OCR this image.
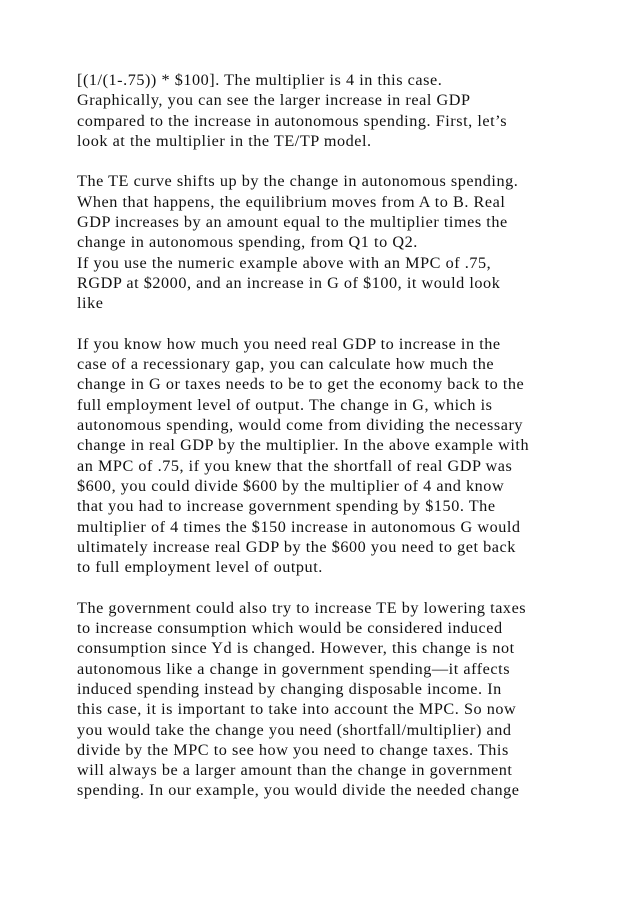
[(1/(1-.75)) * $100]. The multiplier is 4 in this case.
Graphically, you can see the larger increase in real GDP
compared to the increase in autonomous spending. First, let’s
look at the multiplier in the TE/TP model.

The TE curve shifts up by the change in autonomous spending.
When that happens, the equilibrium moves from A to B. Real
GDP increases by an amount equal to the multiplier times the
change in autonomous spending, from Q1 to Q2.
If you use the numeric example above with an MPC of .75,
RGDP at $2000, and an increase in G of $100, it would look
like

If you know how much you need real GDP to increase in the
case of a recessionary gap, you can calculate how much the
change in G or taxes needs to be to get the economy back to the
full employment level of output. The change in G, which is
autonomous spending, would come from dividing the necessary
change in real GDP by the multiplier. In the above example with
an MPC of .75, if you knew that the shortfall of real GDP was
$600, you could divide $600 by the multiplier of 4 and know
that you had to increase government spending by $150. The
multiplier of 4 times the $150 increase in autonomous G would
ultimately increase real GDP by the $600 you need to get back
to full employment level of output.

The government could also try to increase TE by lowering taxes
to increase consumption which would be considered induced
consumption since Yd is changed. However, this change is not
autonomous like a change in government spending—it affects
induced spending instead by changing disposable income. In
this case, it is important to take into account the MPC. So now
you would take the change you need (shortfall/multiplier) and
divide by the MPC to see how you need to change taxes. This
will always be a larger amount than the change in government
spending. In our example, you would divide the needed change
